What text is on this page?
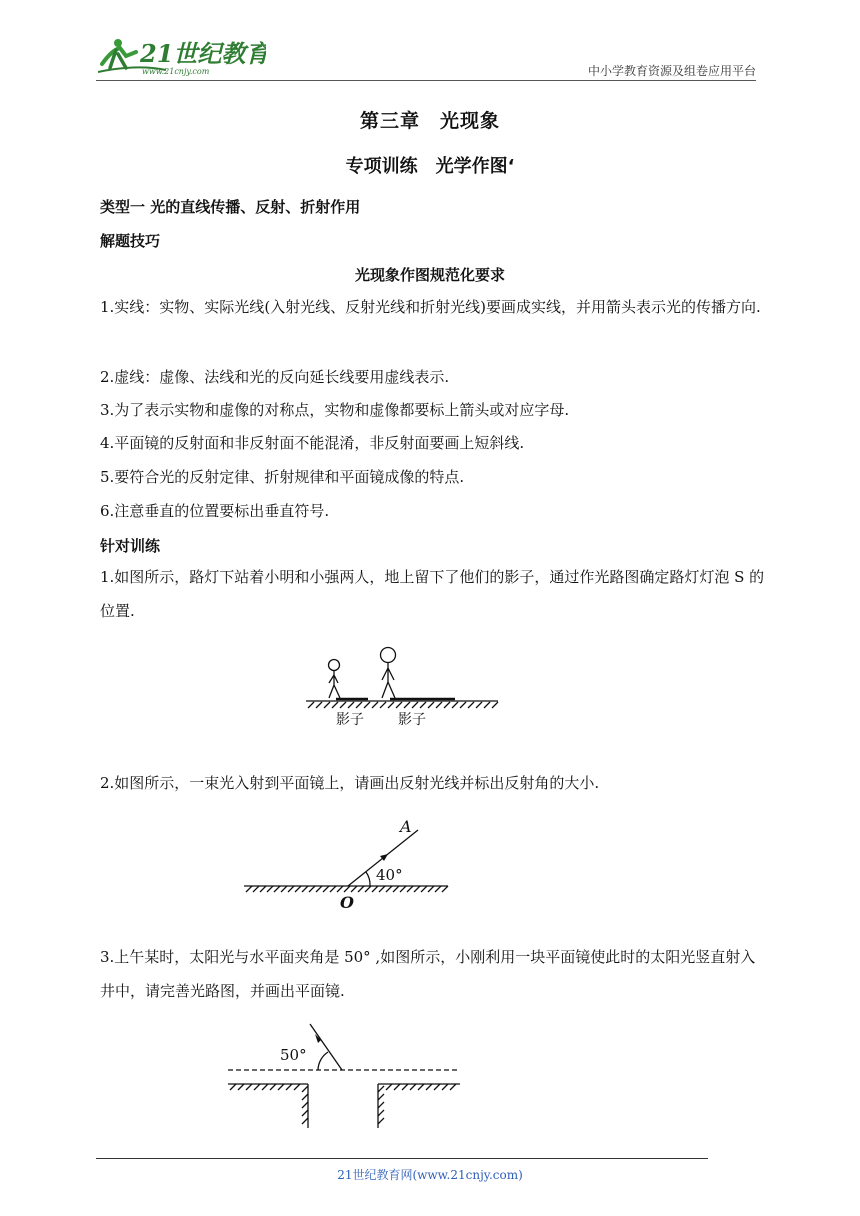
21世纪教育
www.21cnjy.com	中小学教育资源及组卷应用平台
第三章　光现象
专项训练　光学作图‘
类型一 光的直线传播、反射、折射作用
解题技巧
光现象作图规范化要求
1.实线：实物、实际光线(入射光线、反射光线和折射光线)要画成实线，并用箭头表示光的传播方向.
2.虚线：虚像、法线和光的反向延长线要用虚线表示.
3.为了表示实物和虚像的对称点，实物和虚像都要标上箭头或对应字母.
4.平面镜的反射面和非反射面不能混淆，非反射面要画上短斜线.
5.要符合光的反射定律、折射规律和平面镜成像的特点.
6.注意垂直的位置要标出垂直符号.
针对训练
1.如图所示，路灯下站着小明和小强两人，地上留下了他们的影子，通过作光路图确定路灯灯泡 S 的位置.
影子 影子
2.如图所示，一束光入射到平面镜上，请画出反射光线并标出反射角的大小.
A
O
40°
3.上午某时，太阳光与水平面夹角是 50° ,如图所示，小刚利用一块平面镜使此时的太阳光竖直射入井中，请完善光路图，并画出平面镜.
50°
21世纪教育网(www.21cnjy.com)
